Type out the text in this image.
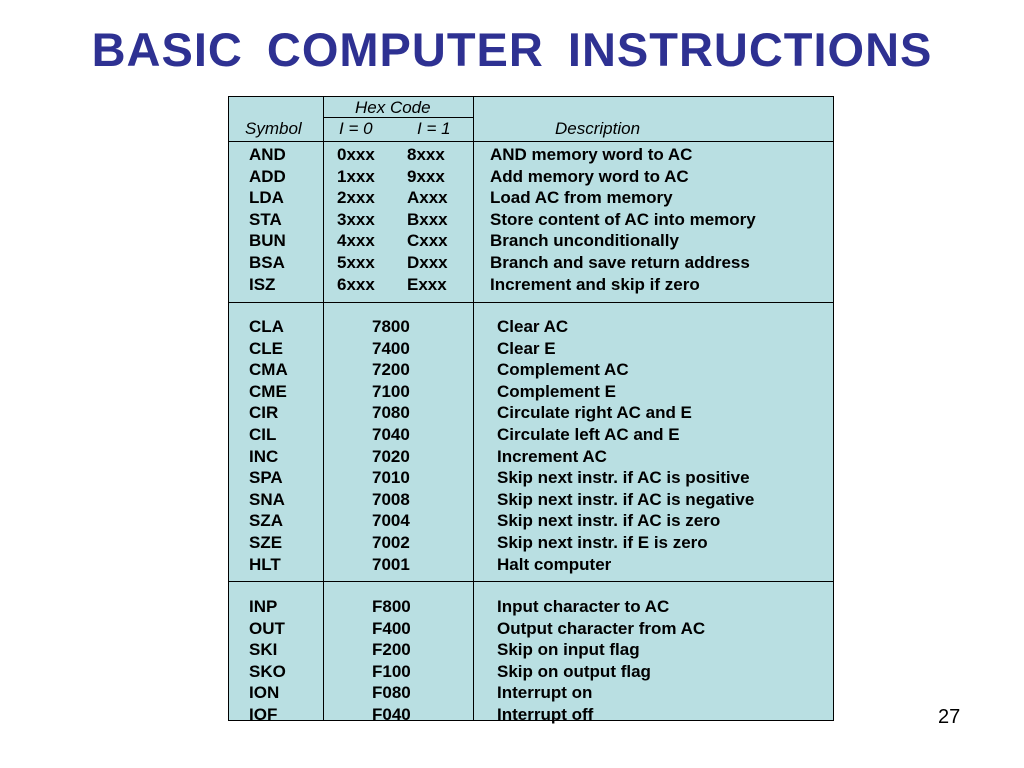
BASIC COMPUTER INSTRUCTIONS
Hex Code
Symbol I = 0	I = 1	Description
AND	0xxx 8xxx	AND memory word to AC
ADD	1xxx 9xxx	Add memory word to AC
LDA	2xxx Axxx Load AC from memory
STA	3xxx Bxxx Store content of AC into memory
BUN	4xxx Cxxx Branch unconditionally
BSA	5xxx Dxxx Branch and save return address
ISZ	6xxx Exxx	Increment and skip if zero
CLA	7800	Clear AC
CLE	7400	Clear E
CMA	7200	Complement AC
CME	7100	Complement E
CIR	7080	Circulate right AC and E
CIL	7040	Circulate left AC and E
INC	7020	Increment AC
SPA	7010	Skip next instr. if AC is positive
SNA	7008	Skip next instr. if AC is negative
SZA	7004	Skip next instr. if AC is zero
SZE	7002	Skip next instr. if E is zero
HLT	7001	Halt computer
INP	F800	Input character to AC
OUT	F400	Output character from AC
SKI	F200	Skip on input flag
SKO	F100	Skip on output flag
ION	F080	Interrupt on
IOF	F040	Interrupt off	27
